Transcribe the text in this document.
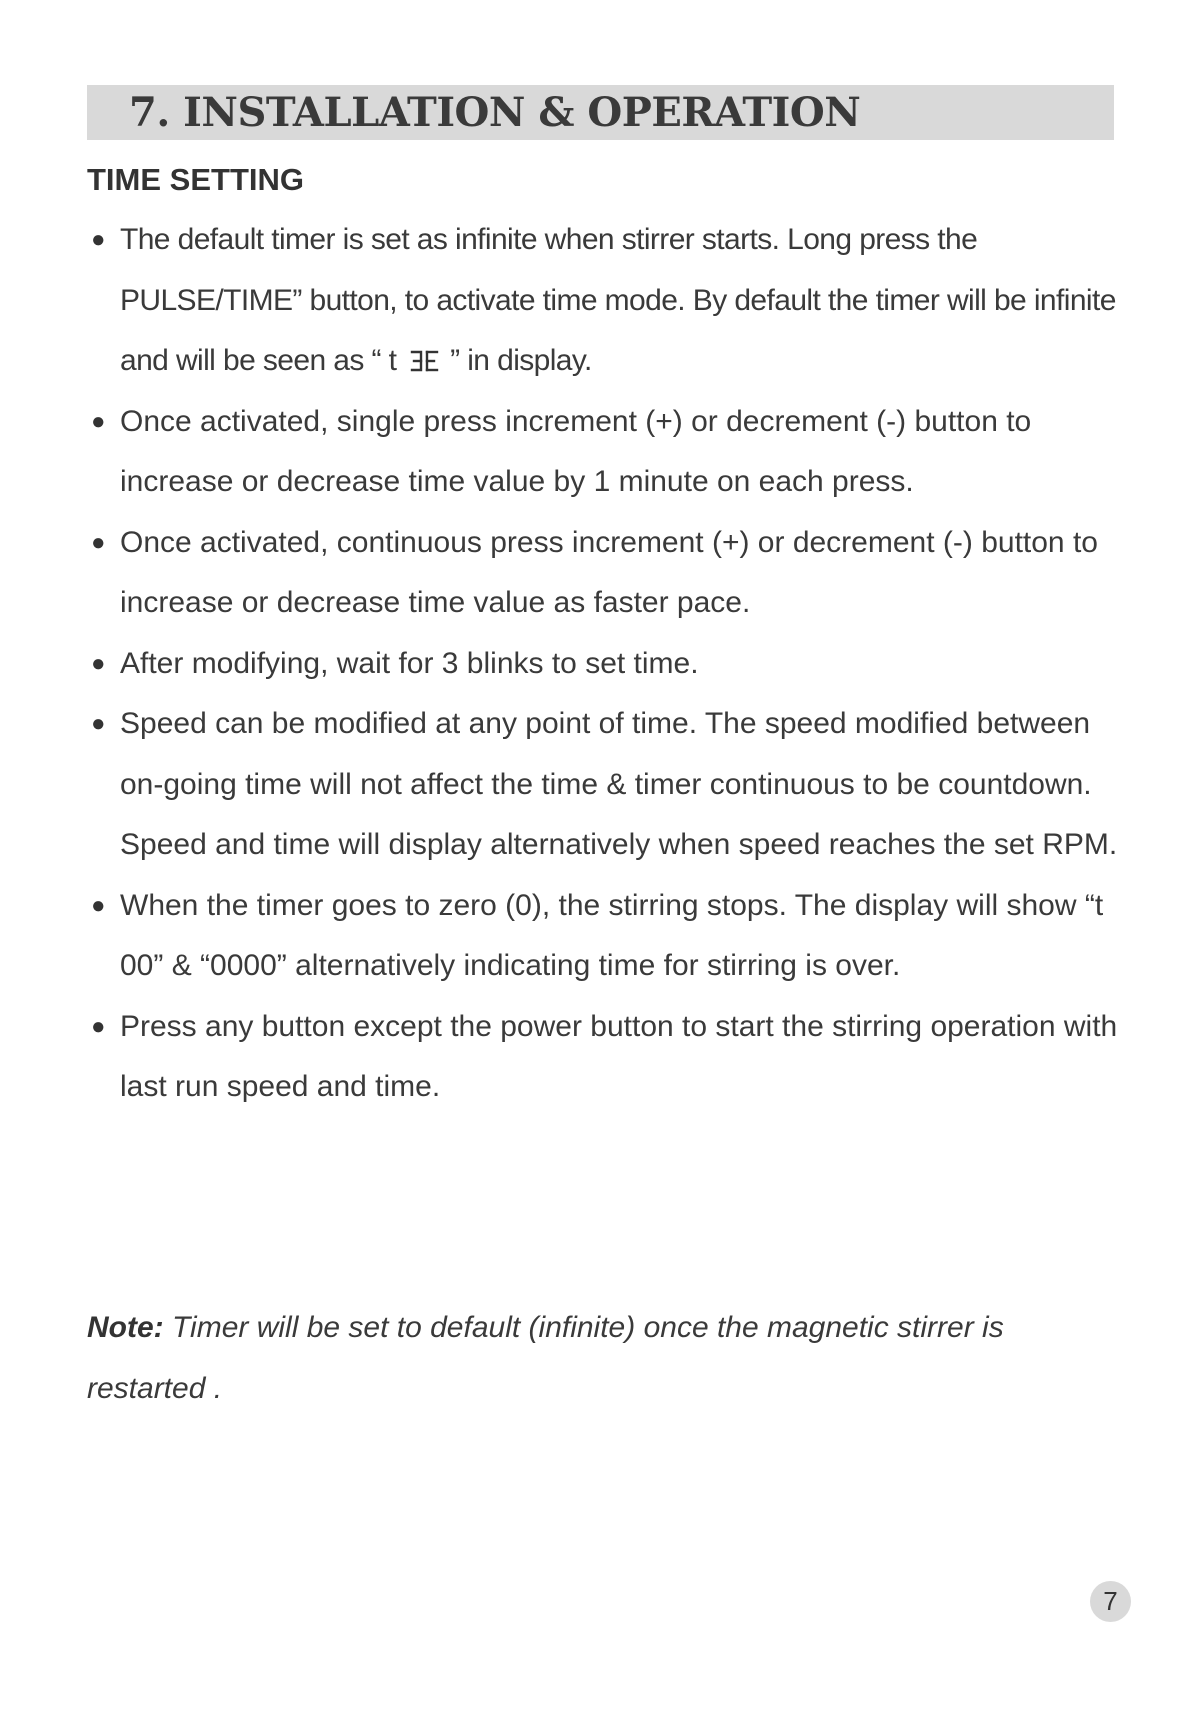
7. INSTALLATION & OPERATION
TIME SETTING
● The default timer is set as infinite when stirrer starts. Long press the PULSE/TIME” button, to activate time mode. By default the timer will be infinite and will be seen as “ t
” in display.
● Once activated, single press increment (+) or decrement (-) button to increase or decrease time value by 1 minute on each press.
● Once activated, continuous press increment (+) or decrement (-) button to increase or decrease time value as faster pace.
● After modifying, wait for 3 blinks to set time.
● Speed can be modified at any point of time. The speed modified between on-going time will not affect the time & timer continuous to be countdown. Speed and time will display alternatively when speed reaches the set RPM.
● When the timer goes to zero (0), the stirring stops. The display will show “t 00” & “0000” alternatively indicating time for stirring is over.
● Press any button except the power button to start the stirring operation with last run speed and time.
Note: Timer will be set to default (infinite) once the magnetic stirrer is restarted .
7
